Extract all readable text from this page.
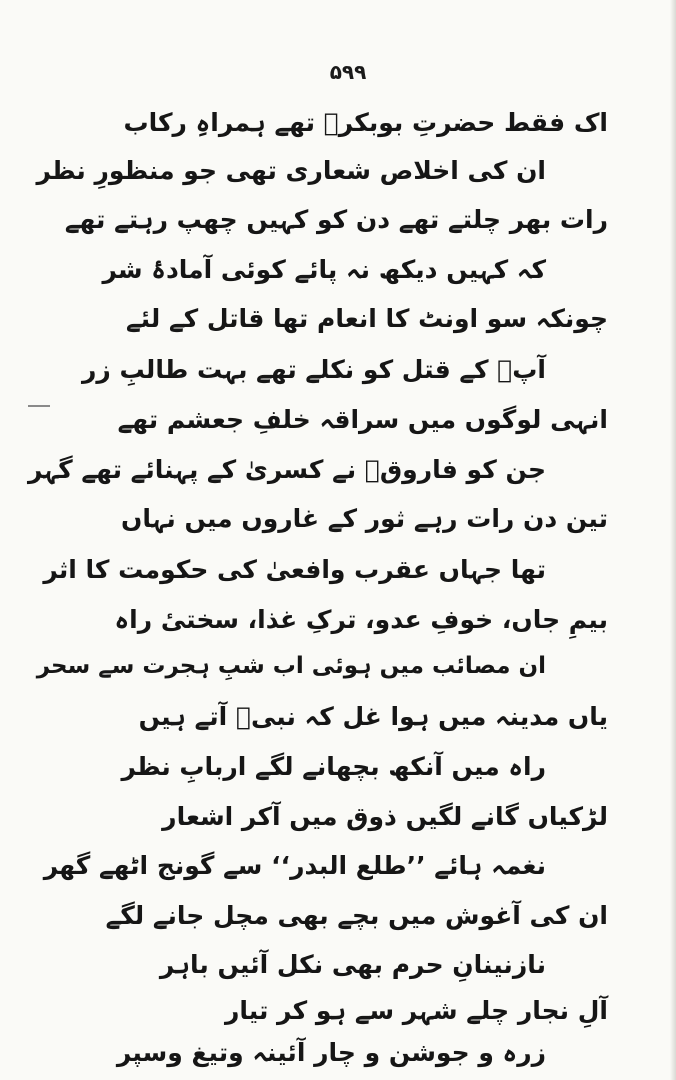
۵۹۹
اک فقط حضرتِ بوبکرؓ تھے ہمراہِ رکاب
ان کی اخلاص شعاری تھی جو منظورِ نظر
رات بھر چلتے تھے دن کو کہیں چھپ رہتے تھے
کہ کہیں دیکھ نہ پائے کوئی آمادۂ شر
چونکہ سو اونٹ کا انعام تھا قاتل کے لئے
آپؐ کے قتل کو نکلے تھے بہت طالبِ زر
انہی لوگوں میں سراقہ خلفِ جعشم تھے
جن کو فاروقؓ نے کسریٰ کے پہنائے تھے گہر
تین دن رات رہے ثور کے غاروں میں نہاں
تھا جہاں عقرب وافعیٰ کی حکومت کا اثر
بیمِ جاں، خوفِ عدو، ترکِ غذا، سختیٔ راہ
ان مصائب میں ہوئی اب شبِ ہجرت سے سحر
یاں مدینہ میں ہوا غل کہ نبیؐ آتے ہیں
راہ میں آنکھ بچھانے لگے اربابِ نظر
لڑکیاں گانے لگیں ذوق میں آکر اشعار
نغمہ ہائے ’’طلع البدر‘‘ سے گونج اٹھے گھر
ان کی آغوش میں بچے بھی مچل جانے لگے
نازنینانِ حرم بھی نکل آئیں باہر
آلِ نجار چلے شہر سے ہو کر تیار
زرہ و جوشن و چار آئینہ وتیغ وسپر
